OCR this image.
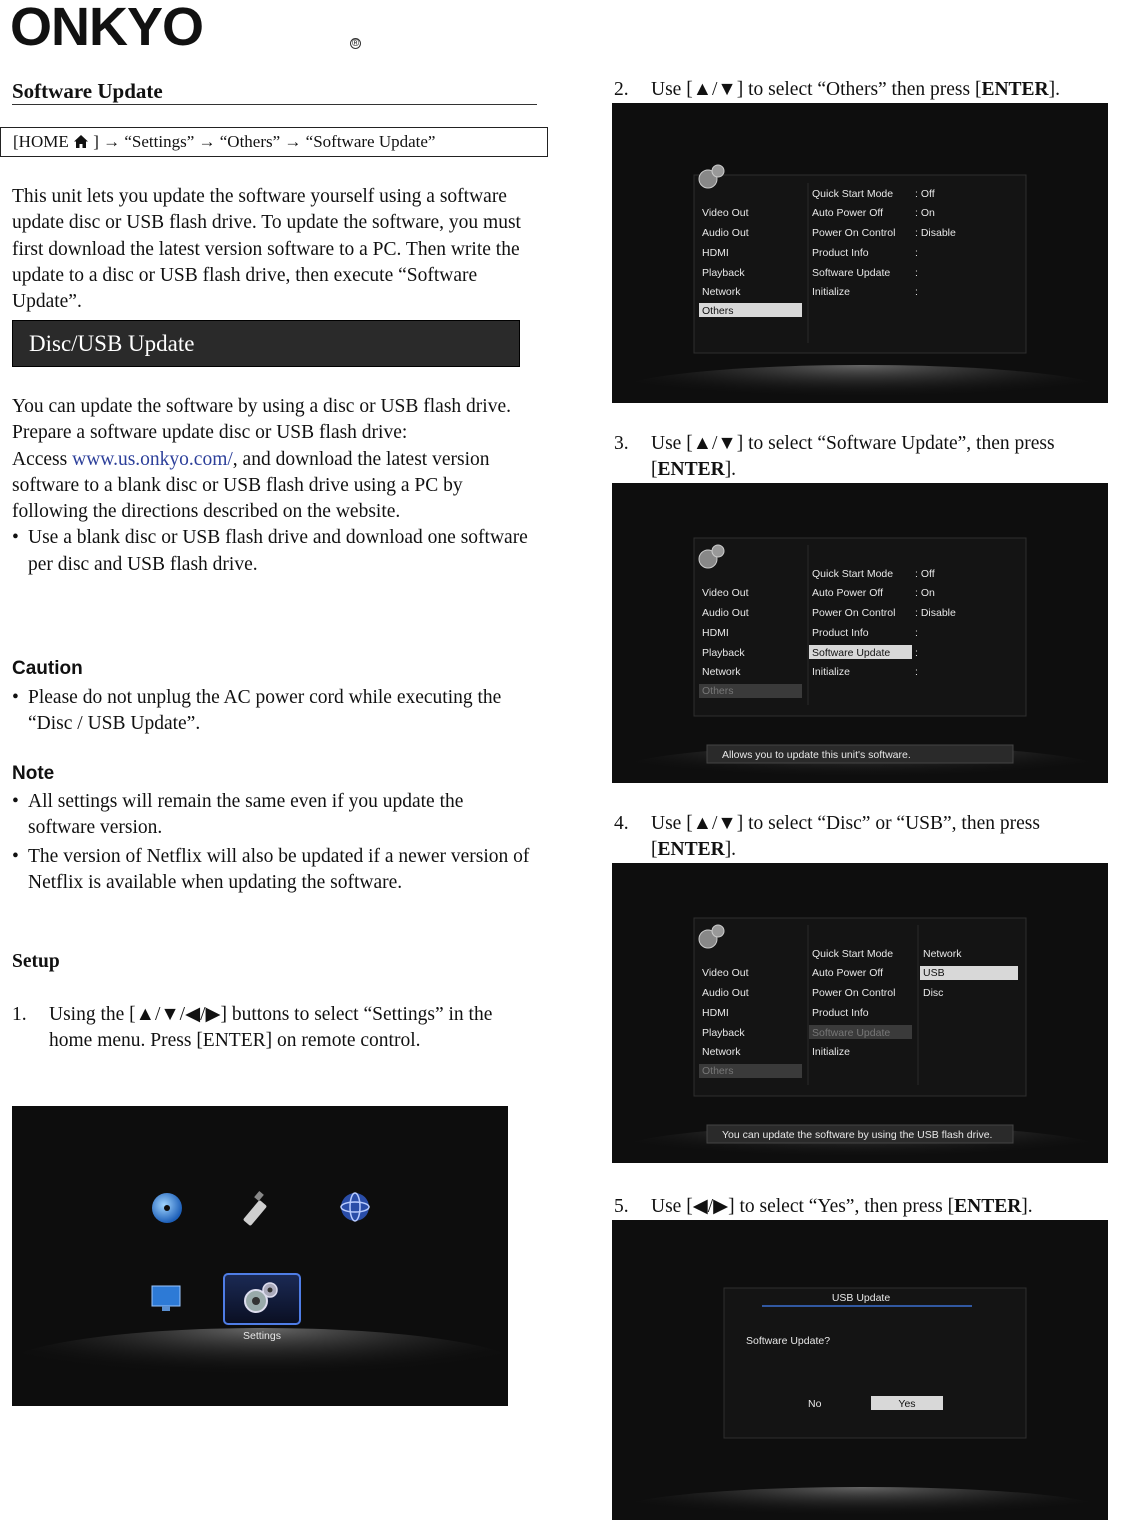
ONKYO	®
Software Update
[HOME  ] → “Settings” → “Others” → “Software Update”
This unit lets you update the software yourself using a software update disc or USB flash drive. To update the software, you must first download the latest version software to a PC. Then write the update to a disc or USB flash drive, then execute “Software Update”.
Disc/USB Update
You can update the software by using a disc or USB flash drive.
Prepare a software update disc or USB flash drive:
Access www.us.onkyo.com/, and download the latest version software to a blank disc or USB flash drive using a PC by following the directions described on the website.
• Use a blank disc or USB flash drive and download one software per disc and USB flash drive.
Caution
• Please do not unplug the AC power cord while executing the “Disc / USB Update”.
Note
• All settings will remain the same even if you update the software version.
• The version of Netflix will also be updated if a newer version of Netflix is available when updating the software.
Setup
1. Using the [▲/▼/◀/▶] buttons to select “Settings” in the home menu. Press [ENTER] on remote control.
Settings
2. Use [▲/▼] to select “Others” then press [ENTER].
Video Out
Audio Out
HDMI
Playback
Network
Others
Quick Start Mode
Auto Power Off
Power On Control
Product Info
Software Update
Initialize
: Off
: On
: Disable
:
:
:
3. Use [▲/▼] to select “Software Update”, then press [ENTER].
Video Out
Audio Out
HDMI
Playback
Network
Others
Quick Start Mode
Auto Power Off
Power On Control
Product Info
Software Update
Initialize
: Off
: On
: Disable
:
:
:
Allows you to update this unit's software.
4. Use [▲/▼] to select “Disc” or “USB”, then press [ENTER].
Video Out
Audio Out
HDMI
Playback
Network
Others
Quick Start Mode
Auto Power Off
Power On Control
Product Info
Software Update
Initialize
Network
USB
Disc
You can update the software by using the USB flash drive.
5. Use [◀/▶] to select “Yes”, then press [ENTER].
USB Update
Software Update?
No	Yes
